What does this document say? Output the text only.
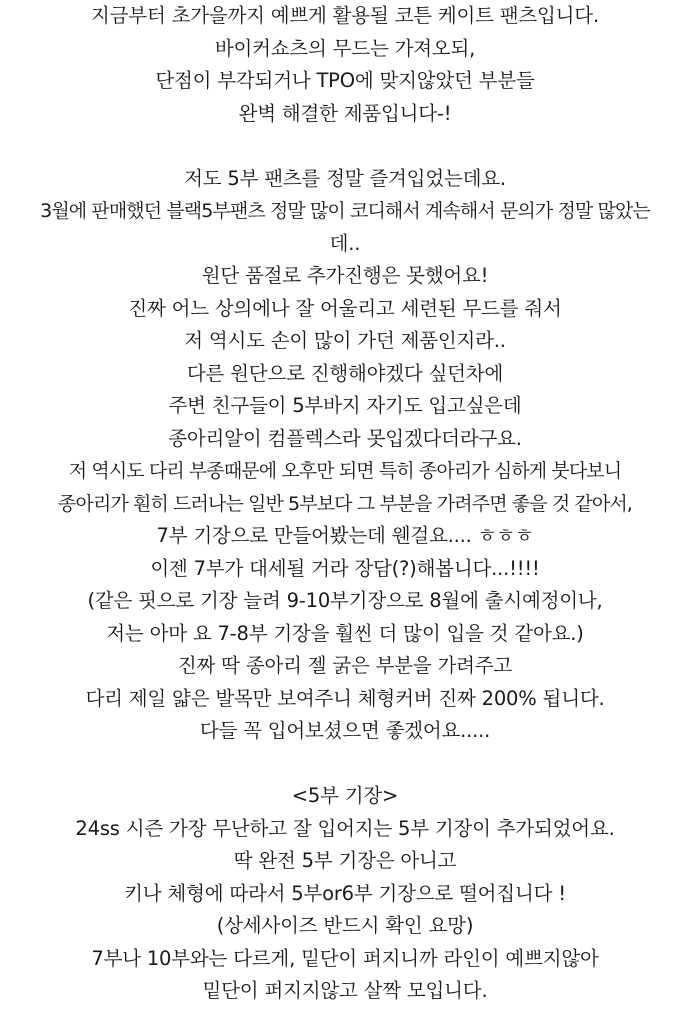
지금부터 초가을까지 예쁘게 활용될 코튼 케이트 팬츠입니다.
바이커쇼츠의 무드는 가져오되,
단점이 부각되거나 TPO에 맞지않았던 부분들
완벽 해결한 제품입니다-!
저도 5부 팬츠를 정말 즐겨입었는데요.
3월에 판매했던 블랙5부팬츠 정말 많이 코디해서 계속해서 문의가 정말 많았는
데..
원단 품절로 추가진행은 못했어요!
진짜 어느 상의에나 잘 어울리고 세련된 무드를 줘서
저 역시도 손이 많이 가던 제품인지라..
다른 원단으로 진행해야겠다 싶던차에
주변 친구들이 5부바지 자기도 입고싶은데
종아리알이 컴플렉스라 못입겠다더라구요.
저 역시도 다리 부종때문에 오후만 되면 특히 종아리가 심하게 붓다보니
종아리가 훤히 드러나는 일반 5부보다 그 부분을 가려주면 좋을 것 같아서,
7부 기장으로 만들어봤는데 웬걸요.... ㅎㅎㅎ
이젠 7부가 대세될 거라 장담(?)해봅니다...!!!!
(같은 핏으로 기장 늘려 9-10부기장으로 8월에 출시예정이나,
저는 아마 요 7-8부 기장을 훨씬 더 많이 입을 것 같아요.)
진짜 딱 종아리 젤 굵은 부분을 가려주고
다리 제일 얇은 발목만 보여주니 체형커버 진짜 200% 됩니다.
다들 꼭 입어보셨으면 좋겠어요.....
<5부 기장>
24ss 시즌 가장 무난하고 잘 입어지는 5부 기장이 추가되었어요.
딱 완전 5부 기장은 아니고
키나 체형에 따라서 5부or6부 기장으로 떨어집니다 !
(상세사이즈 반드시 확인 요망)
7부나 10부와는 다르게, 밑단이 퍼지니까 라인이 예쁘지않아
밑단이 퍼지지않고 살짝 모입니다.
